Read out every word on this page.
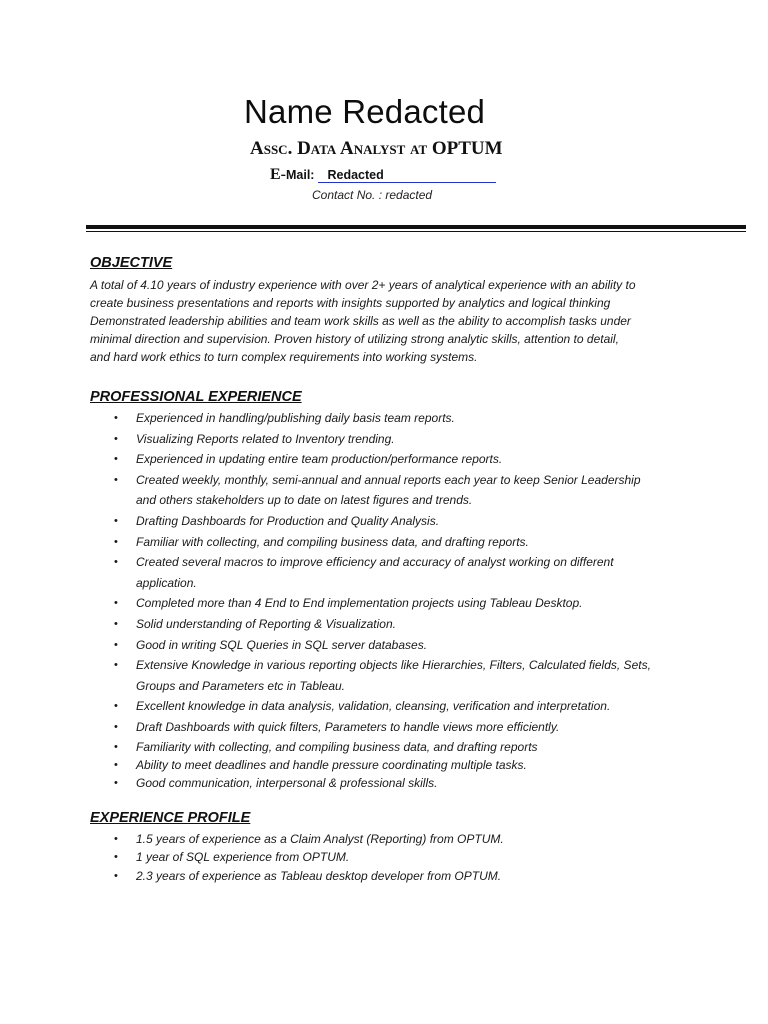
Name Redacted
Assc. Data Analyst at OPTUM
E-Mail: Redacted
Contact No. : redacted
OBJECTIVE
A total of 4.10 years of industry experience with over 2+ years of analytical experience with an ability to
create business presentations and reports with insights supported by analytics and logical thinking
Demonstrated leadership abilities and team work skills as well as the ability to accomplish tasks under
minimal direction and supervision. Proven history of utilizing strong analytic skills, attention to detail,
and hard work ethics to turn complex requirements into working systems.
PROFESSIONAL EXPERIENCE
• Experienced in handling/publishing daily basis team reports.
• Visualizing Reports related to Inventory trending.
• Experienced in updating entire team production/performance reports.
• Created weekly, monthly, semi-annual and annual reports each year to keep Senior Leadership
and others stakeholders up to date on latest figures and trends.
• Drafting Dashboards for Production and Quality Analysis.
• Familiar with collecting, and compiling business data, and drafting reports.
• Created several macros to improve efficiency and accuracy of analyst working on different
application.
• Completed more than 4 End to End implementation projects using Tableau Desktop.
• Solid understanding of Reporting & Visualization.
• Good in writing SQL Queries in SQL server databases.
• Extensive Knowledge in various reporting objects like Hierarchies, Filters, Calculated fields, Sets,
Groups and Parameters etc in Tableau.
• Excellent knowledge in data analysis, validation, cleansing, verification and interpretation.
• Draft Dashboards with quick filters, Parameters to handle views more efficiently.
• Familiarity with collecting, and compiling business data, and drafting reports
• Ability to meet deadlines and handle pressure coordinating multiple tasks.
• Good communication, interpersonal & professional skills.
EXPERIENCE PROFILE
• 1.5 years of experience as a Claim Analyst (Reporting) from OPTUM.
• 1 year of SQL experience from OPTUM.
• 2.3 years of experience as Tableau desktop developer from OPTUM.
